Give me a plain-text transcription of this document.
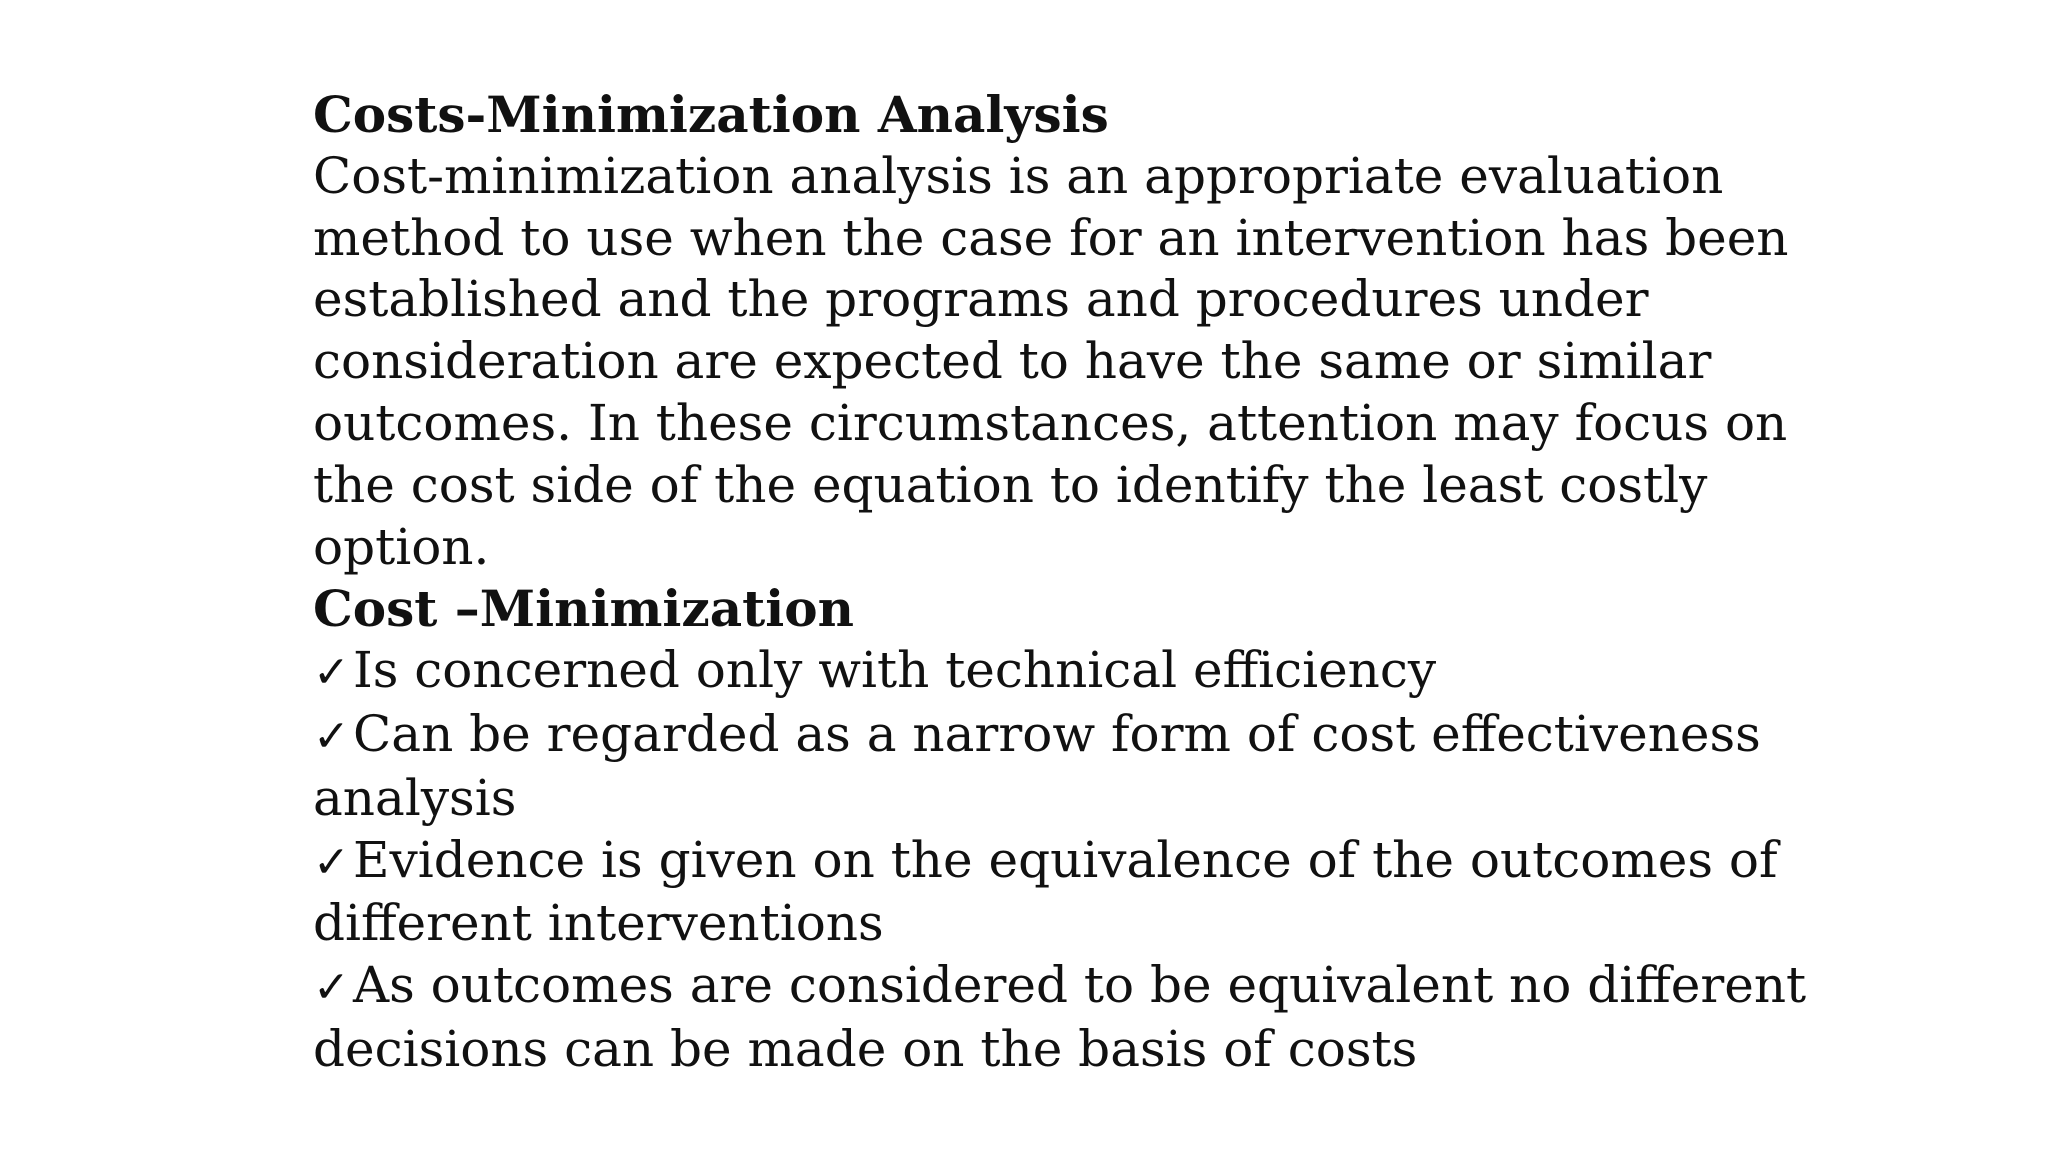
Costs-Minimization Analysis
Cost-minimization analysis is an appropriate evaluation
method to use when the case for an intervention has been
established and the programs and procedures under
consideration are expected to have the same or similar
outcomes. In these circumstances, attention may focus on
the cost side of the equation to identify the least costly
option.
Cost –Minimization
✓Is concerned only with technical efficiency
✓Can be regarded as a narrow form of cost effectiveness
analysis
✓Evidence is given on the equivalence of the outcomes of
different interventions
✓As outcomes are considered to be equivalent no different
decisions can be made on the basis of costs
